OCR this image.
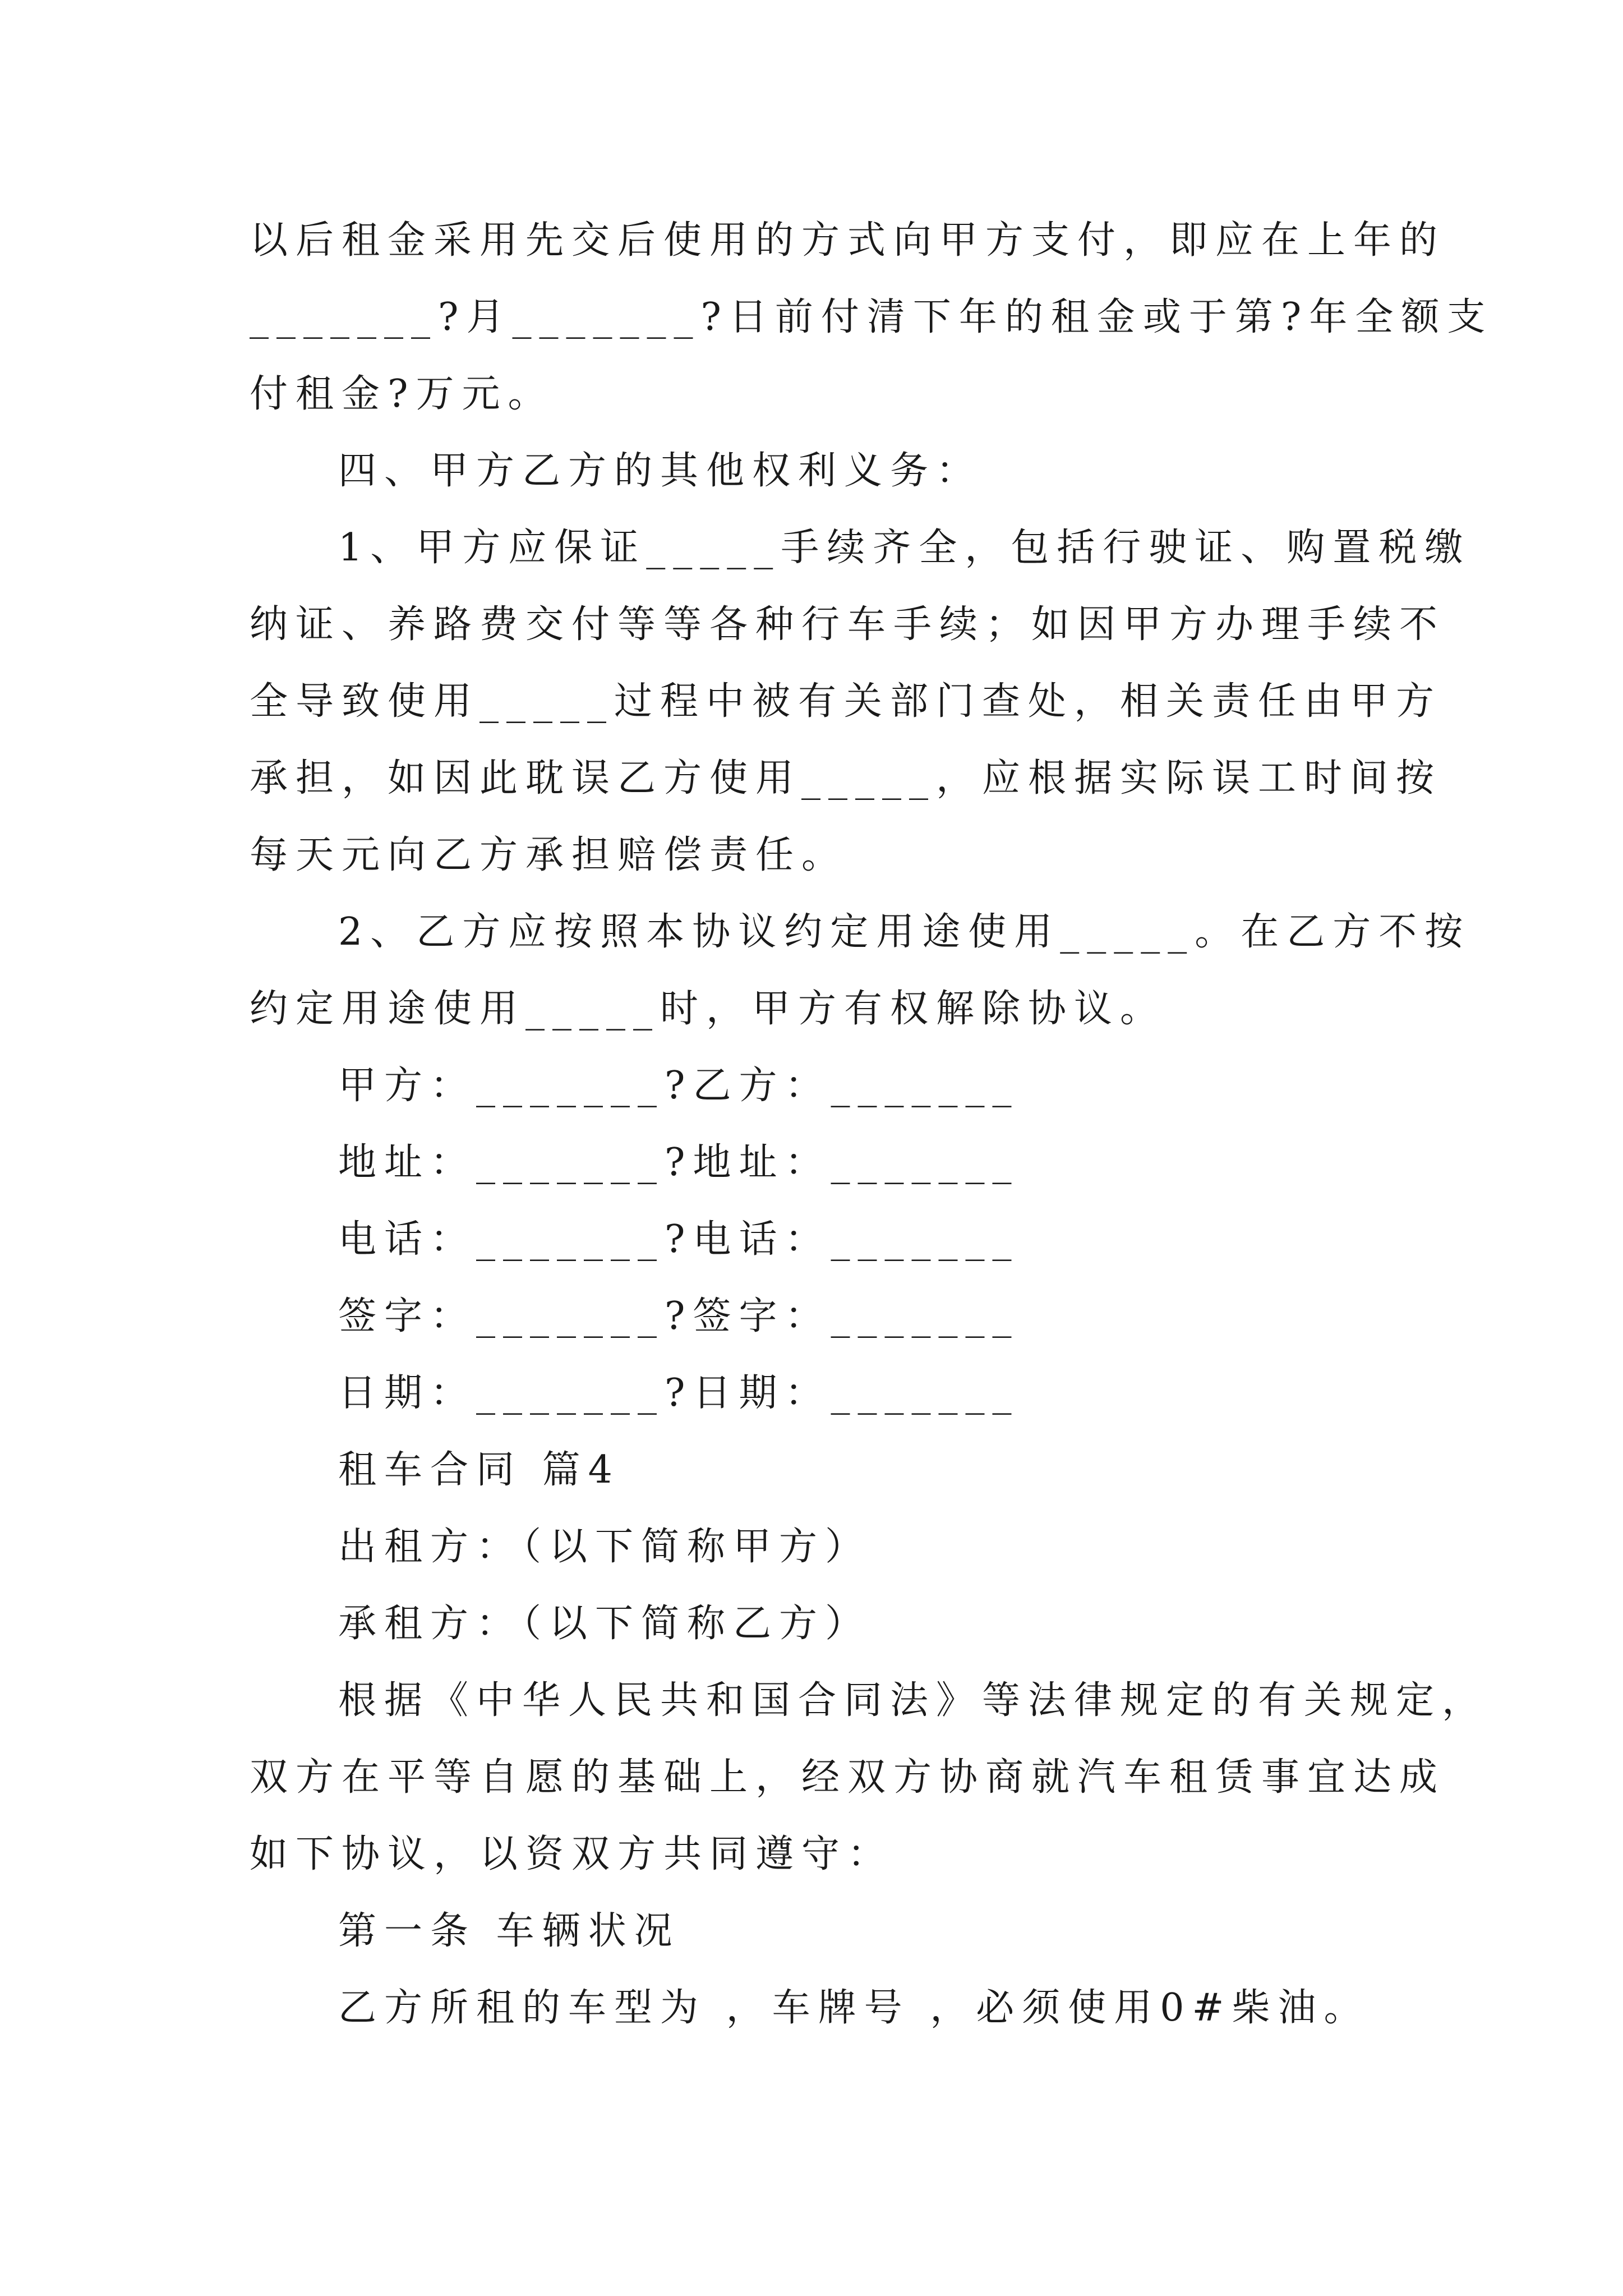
以后租金采用先交后使用的方式向甲方支付，即应在上年的
_______?月_______?日前付清下年的租金或于第?年全额支
付租金?万元。
四、甲方乙方的其他权利义务：
1、甲方应保证_____手续齐全，包括行驶证、购置税缴
纳证、养路费交付等等各种行车手续；如因甲方办理手续不
全导致使用_____过程中被有关部门查处，相关责任由甲方
承担，如因此耽误乙方使用_____，应根据实际误工时间按
每天元向乙方承担赔偿责任。
2、乙方应按照本协议约定用途使用_____。在乙方不按
约定用途使用_____时，甲方有权解除协议。
甲方：_______?乙方：_______
地址：_______?地址：_______
电话：_______?电话：_______
签字：_______?签字：_______
日期：_______?日期：_______
租车合同 篇4
出租方：（以下简称甲方）
承租方：（以下简称乙方）
根据《中华人民共和国合同法》等法律规定的有关规定，
双方在平等自愿的基础上，经双方协商就汽车租赁事宜达成
如下协议，以资双方共同遵守：
第一条 车辆状况
乙方所租的车型为 ，车牌号 ，必须使用0#柴油。
